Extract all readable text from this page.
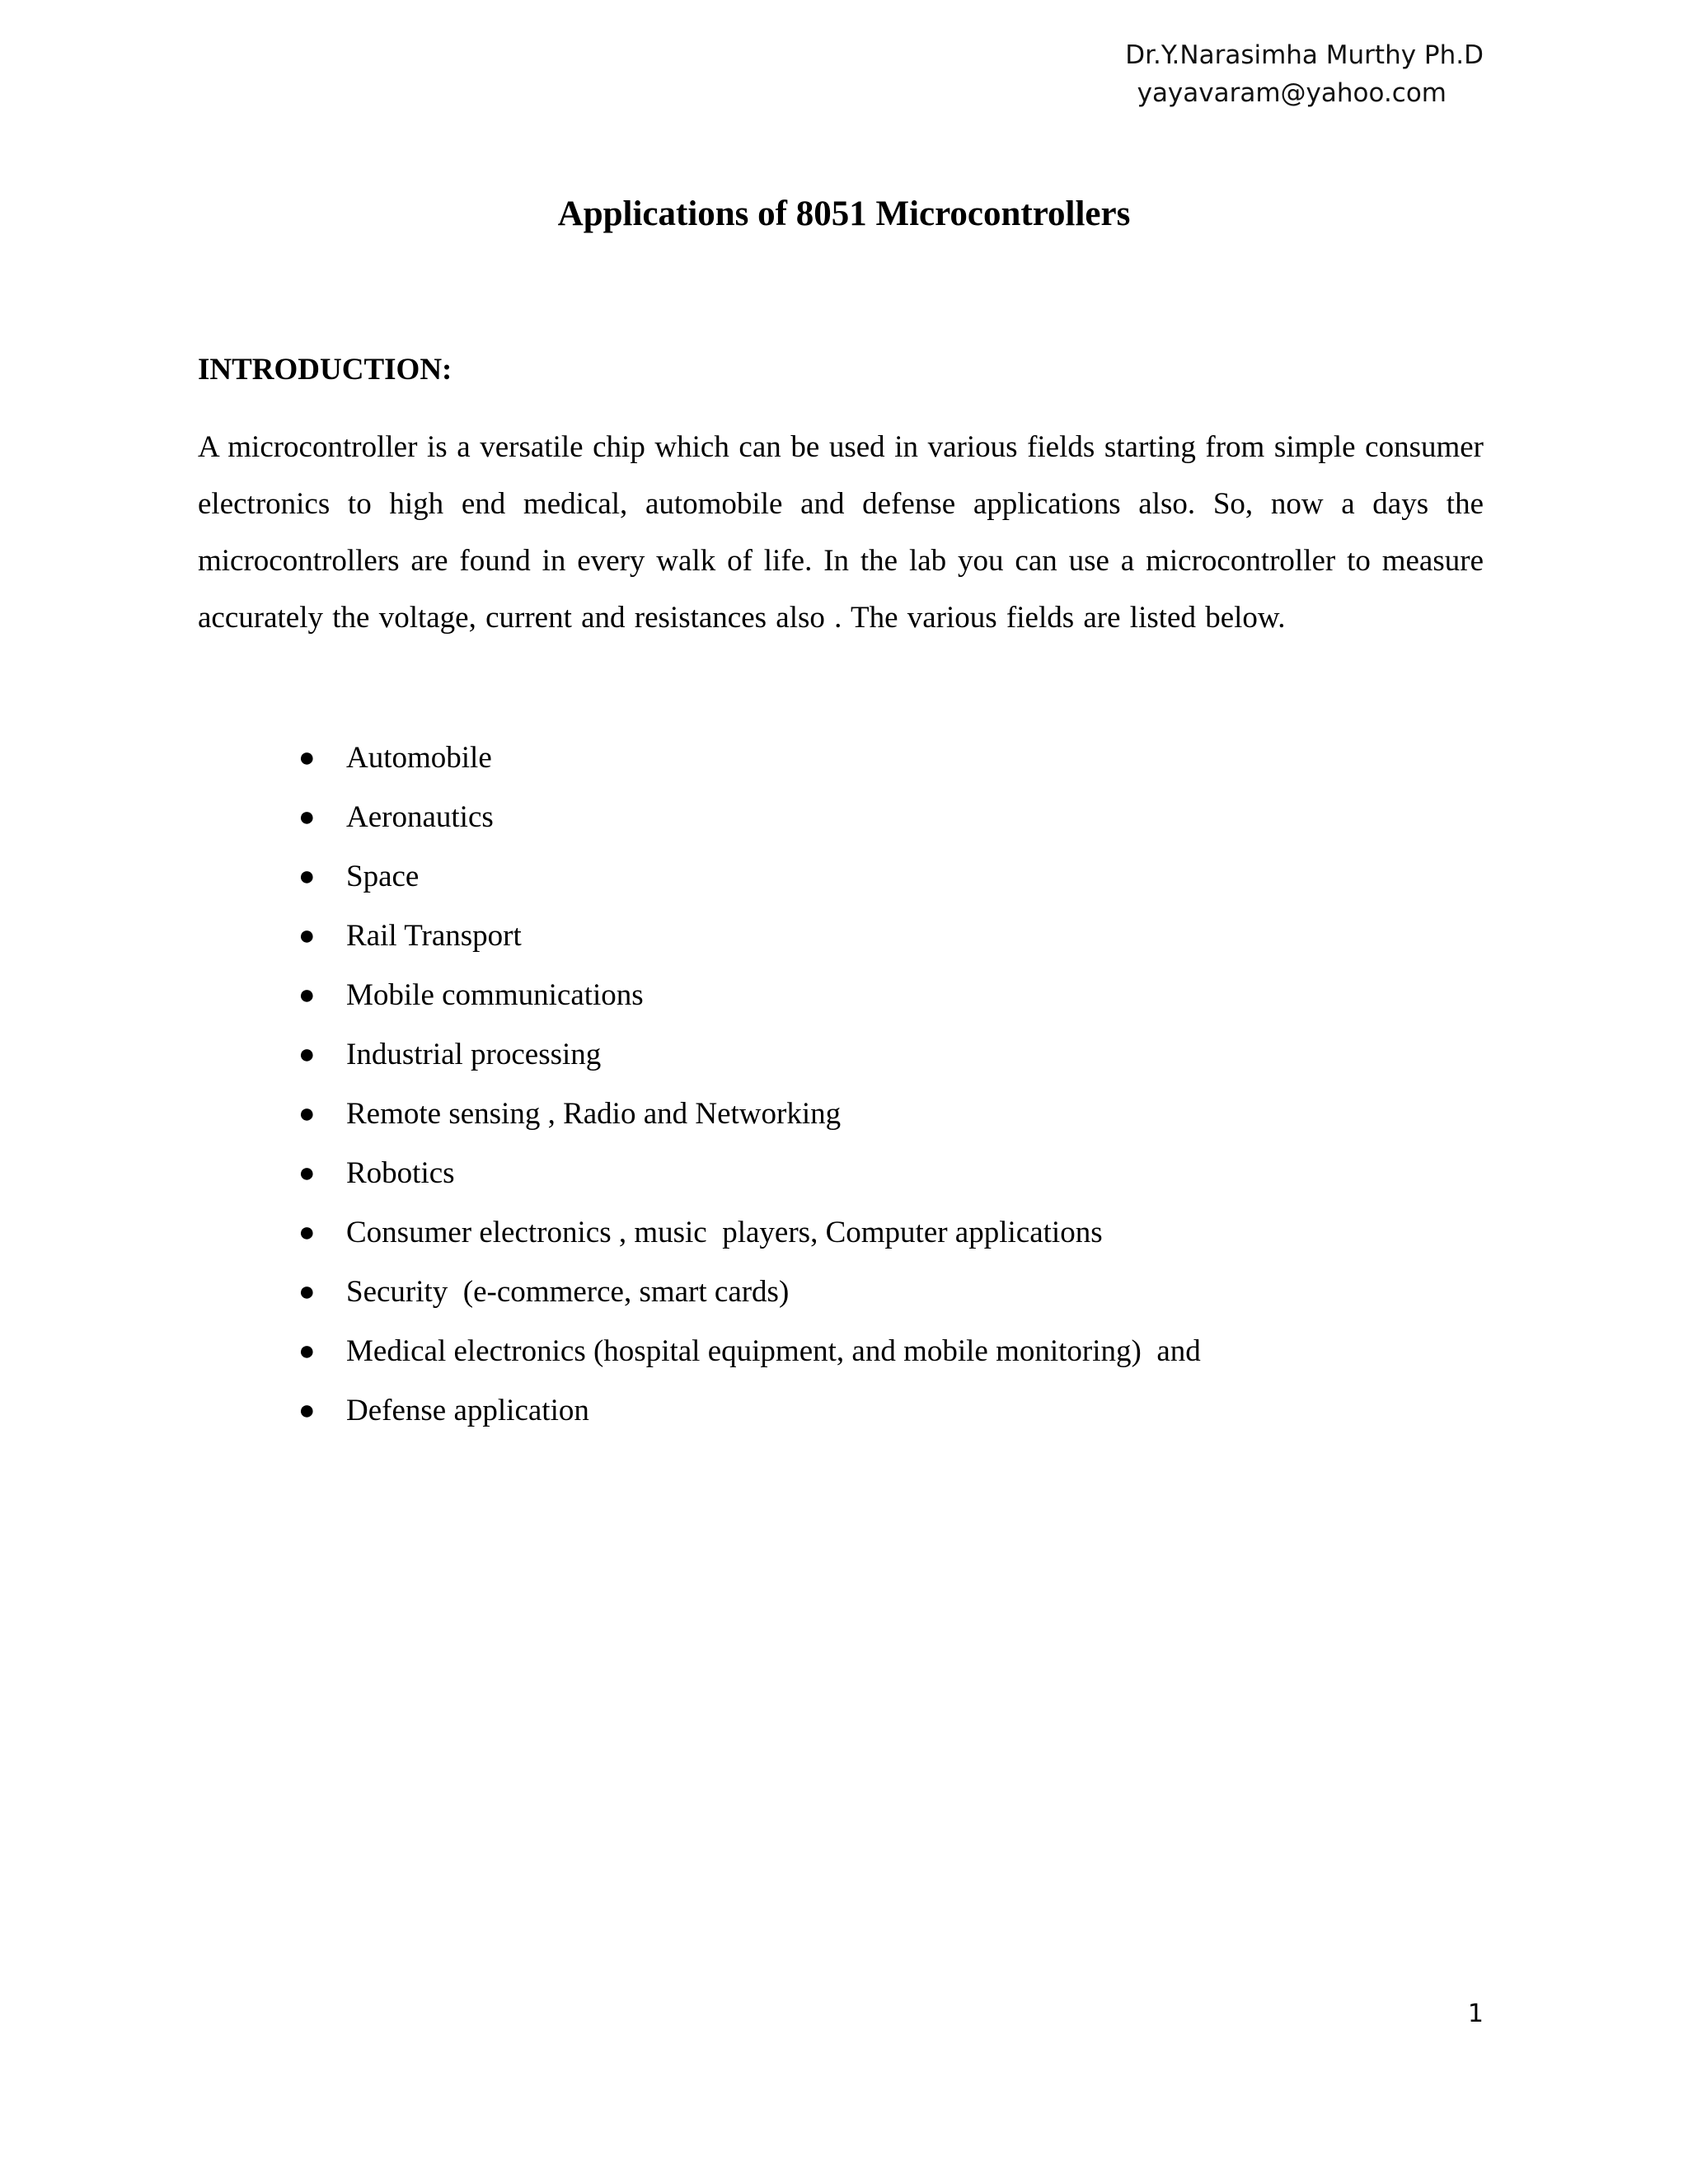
Dr.Y.Narasimha Murthy Ph.D
yayavaram@yahoo.com
Applications of 8051 Microcontrollers
INTRODUCTION:

A microcontroller is a versatile chip which can be used in various fields starting from simple consumer electronics to high end medical, automobile and defense applications also. So, now a days the microcontrollers are found in every walk of life. In the lab you can use a microcontroller to measure accurately the voltage, current and resistances also . The various fields are listed below.

● Automobile
● Aeronautics
● Space
● Rail Transport
● Mobile communications
● Industrial processing
● Remote sensing , Radio and Networking
● Robotics
● Consumer electronics , music  players, Computer applications
● Security  (e-commerce, smart cards)
● Medical electronics (hospital equipment, and mobile monitoring)  and
● Defense application

1
